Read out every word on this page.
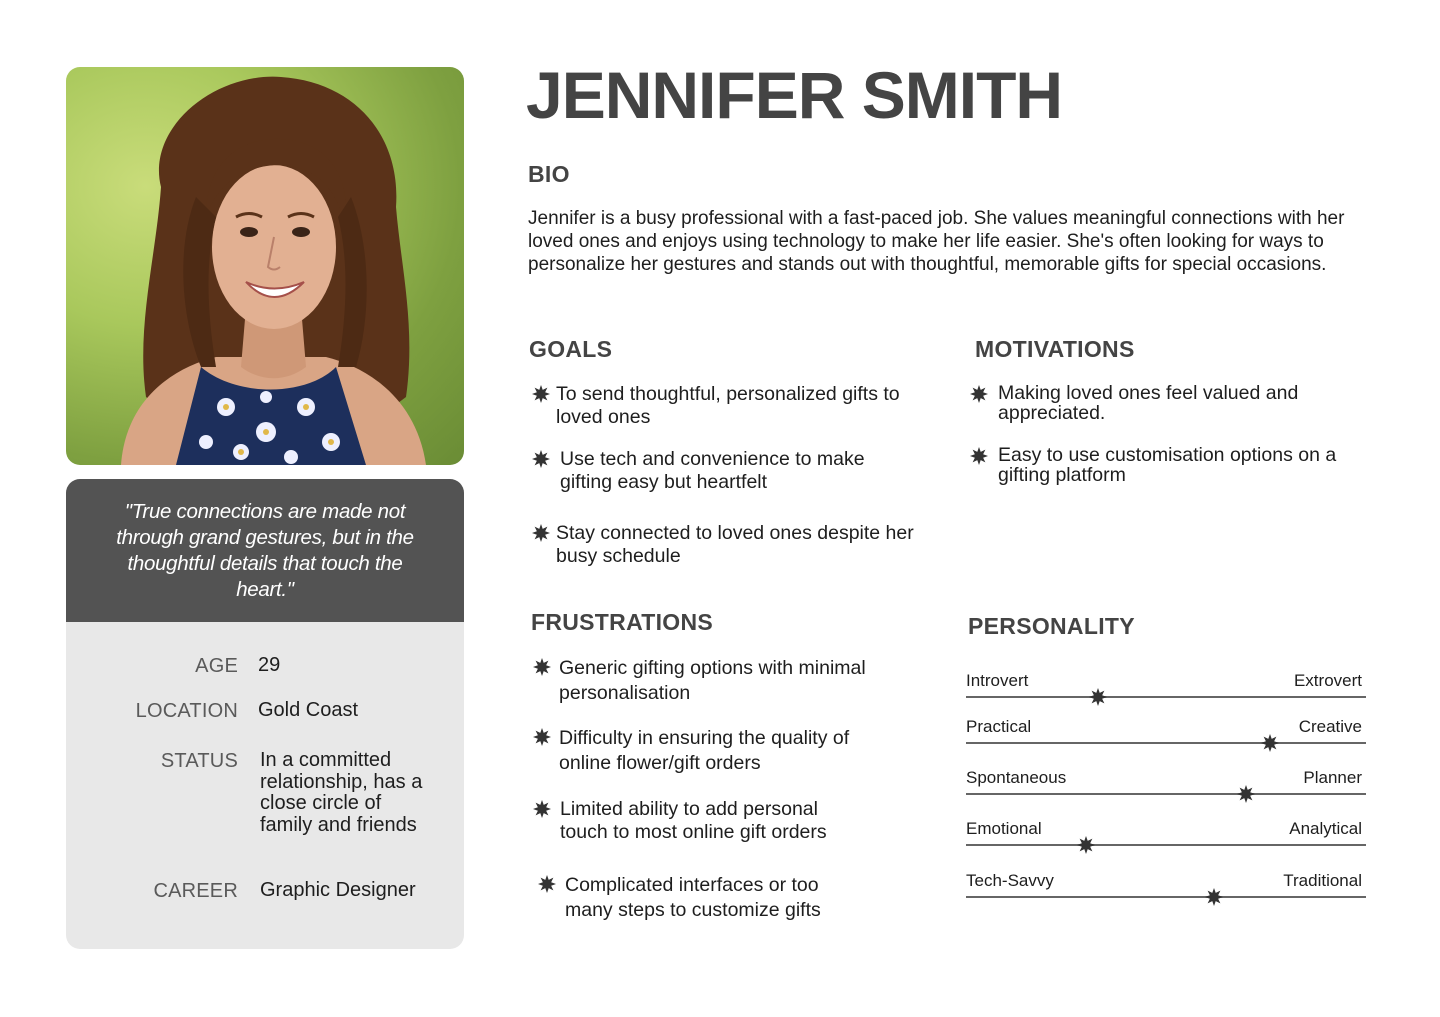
"True connections are made not through grand gestures, but in the thoughtful details that touch the heart."

AGE 29
LOCATION Gold Coast
STATUS In a committed relationship, has a close circle of family and friends
CAREER Graphic Designer
JENNIFER SMITH
BIO

Jennifer is a busy professional with a fast-paced job. She values meaningful connections with her loved ones and enjoys using technology to make her life easier. She's often looking for ways to personalize her gestures and stands out with thoughtful, memorable gifts for special occasions.

GOALS
To send thoughtful, personalized gifts to loved ones
Use tech and convenience to make gifting easy but heartfelt
Stay connected to loved ones despite her busy schedule
MOTIVATIONS
Making loved ones feel valued and appreciated.
Easy to use customisation options on a gifting platform
FRUSTRATIONS
Generic gifting options with minimal personalisation
Difficulty in ensuring the quality of online flower/gift orders
Limited ability to add personal touch to most online gift orders
Complicated interfaces or too many steps to customize gifts
PERSONALITY
Introvert	Extrovert
Practical	Creative
Spontaneous	Planner
Emotional	Analytical
Tech-Savvy	Traditional
